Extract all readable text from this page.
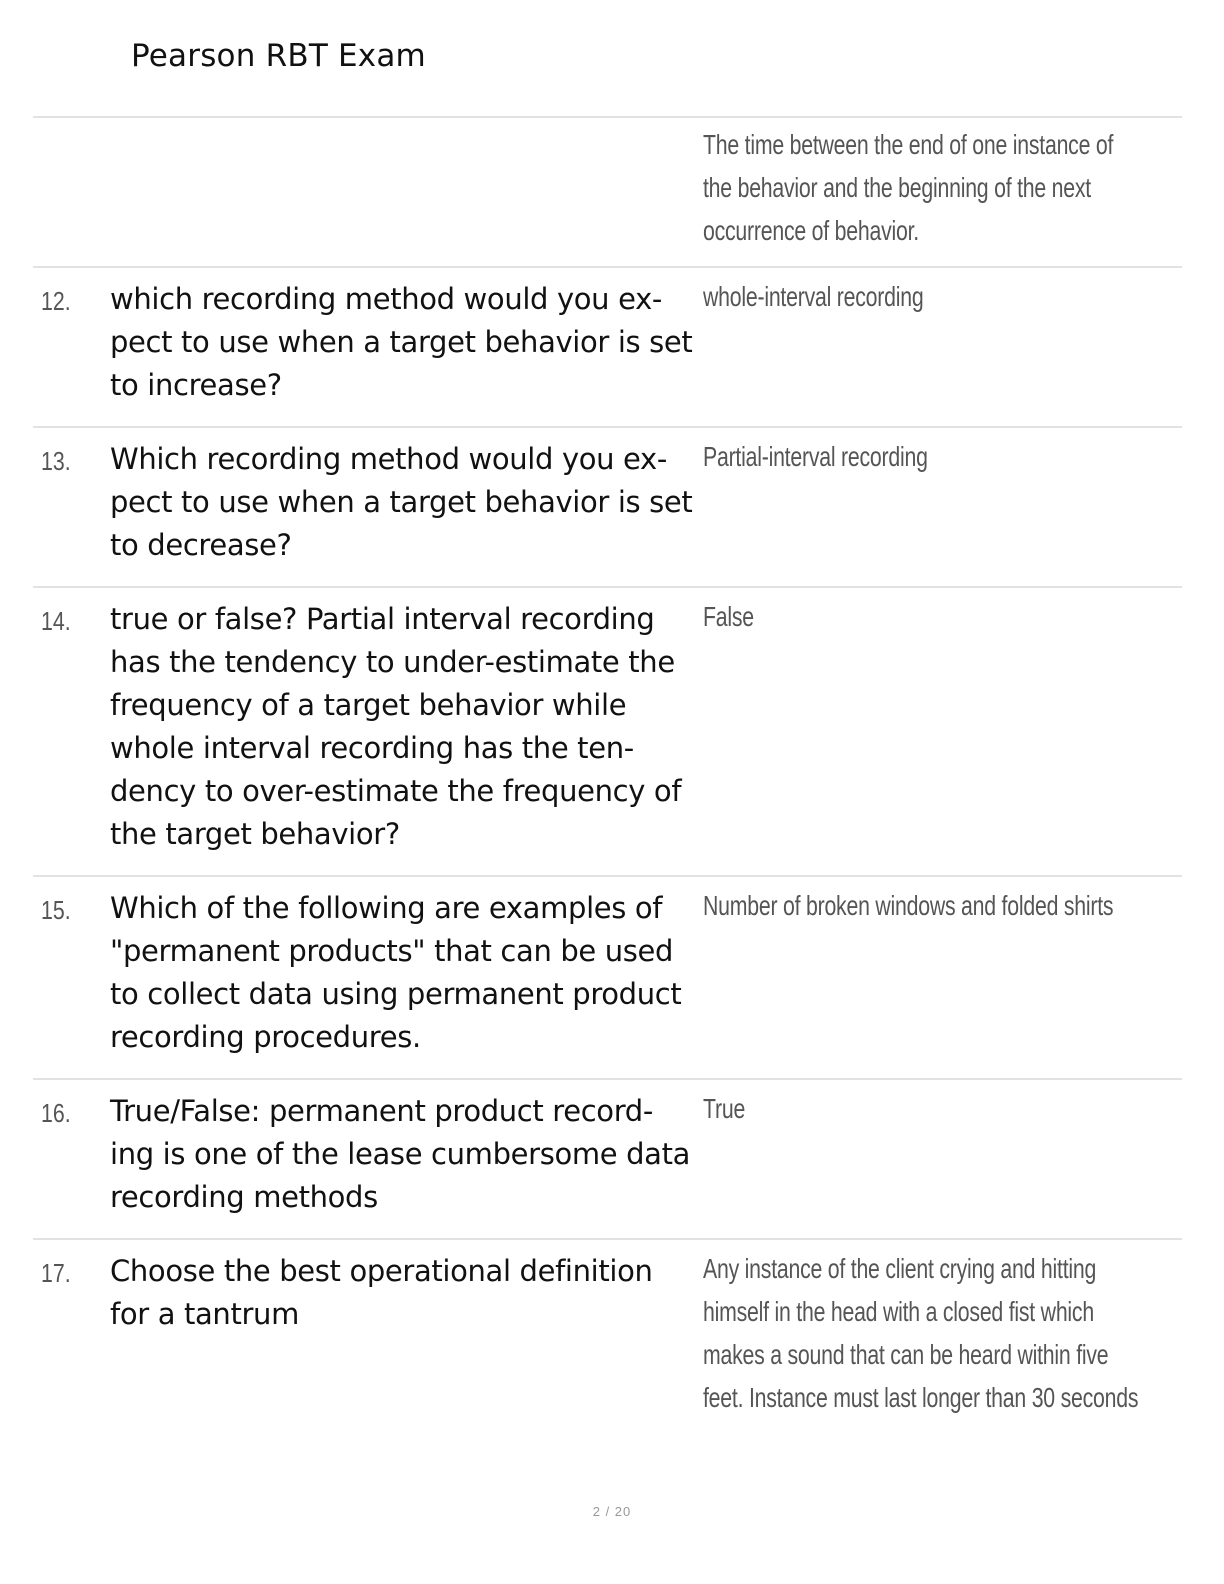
Pearson RBT Exam
The time between the end of one instance of
the behavior and the beginning of the next
occurrence of behavior.
12. which recording method would you ex-
pect to use when a target behavior is set
to increase?
whole-interval recording
13. Which recording method would you ex-
pect to use when a target behavior is set
to decrease?
Partial-interval recording
14. true or false? Partial interval recording
has the tendency to under-estimate the
frequency of a target behavior while
whole interval recording has the ten-
dency to over-estimate the frequency of
the target behavior?
False
15. Which of the following are examples of
"permanent products" that can be used
to collect data using permanent product
recording procedures.
Number of broken windows and folded shirts
16. True/False: permanent product record-
ing is one of the lease cumbersome data
recording methods
True
17. Choose the best operational definition
for a tantrum
Any instance of the client crying and hitting
himself in the head with a closed fist which
makes a sound that can be heard within five
feet. Instance must last longer than 30 seconds
2 / 20
